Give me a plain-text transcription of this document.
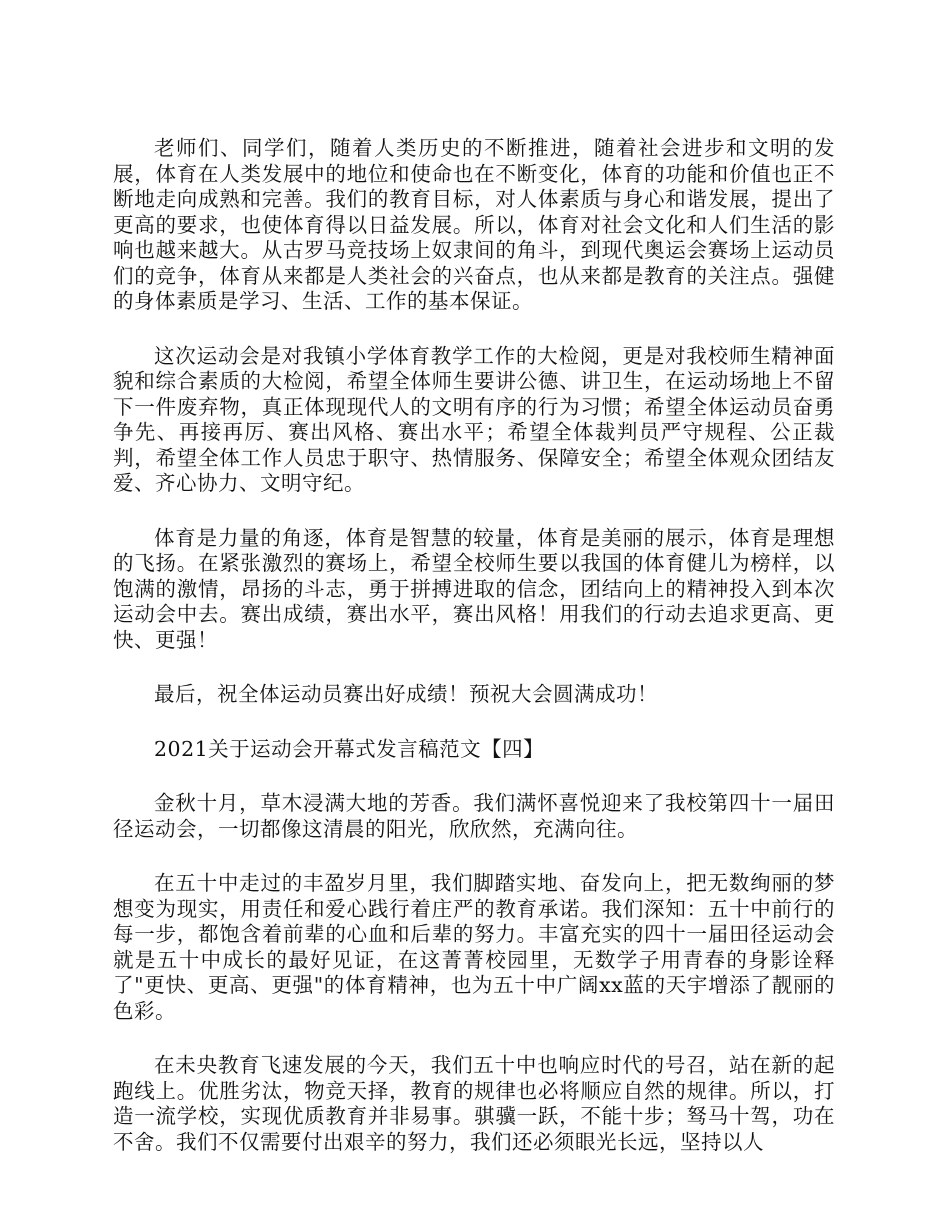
老师们、同学们，随着人类历史的不断推进，随着社会进步和文明的发展，体育在人类发展中的地位和使命也在不断变化，体育的功能和价值也正不断地走向成熟和完善。我们的教育目标，对人体素质与身心和谐发展，提出了更高的要求，也使体育得以日益发展。所以，体育对社会文化和人们生活的影响也越来越大。从古罗马竞技场上奴隶间的角斗，到现代奥运会赛场上运动员们的竞争，体育从来都是人类社会的兴奋点，也从来都是教育的关注点。强健的身体素质是学习、生活、工作的基本保证。

这次运动会是对我镇小学体育教学工作的大检阅，更是对我校师生精神面貌和综合素质的大检阅，希望全体师生要讲公德、讲卫生，在运动场地上不留下一件废弃物，真正体现现代人的文明有序的行为习惯；希望全体运动员奋勇争先、再接再厉、赛出风格、赛出水平；希望全体裁判员严守规程、公正裁判，希望全体工作人员忠于职守、热情服务、保障安全；希望全体观众团结友爱、齐心协力、文明守纪。

体育是力量的角逐，体育是智慧的较量，体育是美丽的展示，体育是理想的飞扬。在紧张激烈的赛场上，希望全校师生要以我国的体育健儿为榜样，以饱满的激情，昂扬的斗志，勇于拼搏进取的信念，团结向上的精神投入到本次运动会中去。赛出成绩，赛出水平，赛出风格！用我们的行动去追求更高、更快、更强！

最后，祝全体运动员赛出好成绩！预祝大会圆满成功！

2021关于运动会开幕式发言稿范文【四】

金秋十月，草木浸满大地的芳香。我们满怀喜悦迎来了我校第四十一届田径运动会，一切都像这清晨的阳光，欣欣然，充满向往。

在五十中走过的丰盈岁月里，我们脚踏实地、奋发向上，把无数绚丽的梦想变为现实，用责任和爱心践行着庄严的教育承诺。我们深知：五十中前行的每一步，都饱含着前辈的心血和后辈的努力。丰富充实的四十一届田径运动会就是五十中成长的最好见证，在这菁菁校园里，无数学子用青春的身影诠释了"更快、更高、更强"的体育精神，也为五十中广阔xx蓝的天宇增添了靓丽的色彩。

在未央教育飞速发展的今天，我们五十中也响应时代的号召，站在新的起跑线上。优胜劣汰，物竞天择，教育的规律也必将顺应自然的规律。所以，打造一流学校，实现优质教育并非易事。骐骥一跃，不能十步；驽马十驾，功在不舍。我们不仅需要付出艰辛的努力，我们还必须眼光长远，坚持以人
